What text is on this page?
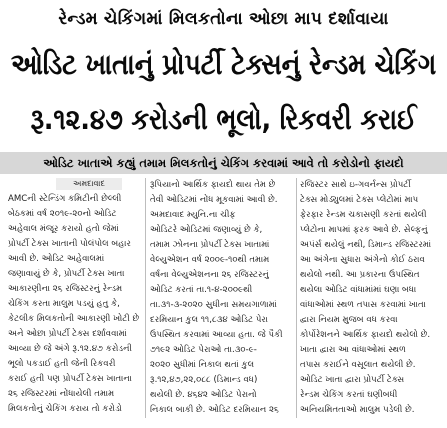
રેન્ડમ ચેકિંગમાં મિલકતોના ઓછા માપ દર્શાવાયા
ઓડિટ ખાતાનું પ્રોપર્ટી ટેક્સનું રેન્ડમ ચેકિંગ
રૂ.૧૨.૪૭ કરોડની ભૂલો, રિકવરી કરાઈ
ઓડિટ ખાતાએ કહ્યું તમામ મિલકતોનું ચેકિંગ કરવામાં આવે તો કરોડોનો ફાયદો
અમદાવાદ
AMCની સ્ટેન્ડિંગ કમિટીની છેલ્લી
બેઠકમાં વર્ષ ૨૦૧૯-૨૦નો ઓડિટ
અહેવાલ મંજૂર કરાયો હતો જેમાં
પ્રોપર્ટી ટેક્સ ખાતાની પોલંપોલ બહાર
આવી છે. ઓડિટ અહેવાલમાં
જણાવાયું છે કે, પ્રોપર્ટી ટેક્સ ખાતા
આકારણીના ૨૬ રજિસ્ટરનું રેન્ડમ
ચેકિંગ કરતા માલુમ પડયું હતુ કે,
કેટલીક મિલકતોની આકારણી ખોટી છે
અને ઓછા પ્રોપર્ટી ટેક્સ દર્શાવવામાં
આવ્યા છે જે અંગે રૂ.૧૨.૪૭ કરોડની
ભૂલો પકડાઈ હતી જેની રિકવરી
કરાઈ હતી પણ પ્રોપર્ટી ટેક્સ ખાતાના
૨૬ રજિસ્ટરમાં નોંધાયેલી તમામ
મિલકતોનું ચેકિંગ કરાય તો કરોડો
રૂપિયાનો આર્થિક ફાયદો થાય તેમ છે
તેવી ઓડિટમાં નોંધ મૂકવામાં આવી છે.
અમદાવાદ મ્યુનિ.ના ચીફ
ઓડિટરે ઓડિટમાં જણાવ્યું છે કે,
તમામ ઝોનના પ્રોપર્ટી ટેક્સ ખાતામાં
વેલ્યુએશન વર્ષ ૨૦૦૯-૧૦થી તમામ
વર્ષના વેલ્યુએશનના ૨૬ રજિસ્ટરનું
ઓડિટ કરતાં તા.૧-૪-૨૦૦૯થી
તા.૩૧-૩-૨૦૨૦ સુધીના સમયગાળામાં
દરમિયાન કુલ ૧૧,૮૩૪ ઓડિટ પેરા
ઉપસ્થિત કરવામાં આવ્યા હતા. જે પૈકી
૭૧૯૨ ઓડિટ પેરાઓ તા.૩૦-૯-
૨૦૨૦ સુધીમાં નિકાલ થતાં કુલ
રૂ.૧૨,૪૭,૨૨,૦૮૮ (ડિમાન્ડ વધ)
થયેલી છે. ૪૬૪૨ ઓડિટ પેરાનો
નિકાલ બાકી છે. ઓડિટ દરમિયાન ૨૬
રજિસ્ટર સાથે ઇ-ગવર્નન્સ પ્રોપર્ટી
ટેક્સ મોડ્યુલમાં ટેક્સ પ્લેટોમાં માપ
ફેરફાર રેન્ડમ ચકાસણી કરતાં થયેલી
પ્લેટોના માપમાં ફરક આવે છે. સેલ્ફનું
અપંર્સ થયેલું નથી, ડિમાન્ડ રજિસ્ટરમાં
આ અંગેના સુધારા અંગેનો કોઈ ઠરાવ
થયેલો નથી. આ પ્રકારના ઉપસ્થિત
થયેલા ઓડિટ વાંધામાંમાં ઘણા બધા
વાંધાઓમાં સ્થળ તપાસ કરવામાં ખાતા
દ્વારા નિયમ મુજબ વધ કરવા
કોર્પોરેશનને આર્થિક ફાયદો થયેલો છે.
ખાતા દ્વારા આ વાંધાઓમાં સ્થળ
તપાસ કરાઈને વસૂલાત થયેલી છે.
ઓડિટ ખાતા દ્વારા પ્રોપર્ટી ટેક્સ
રેન્ડમ ચેકિંગ કરતાં ઘણીબધી
અનિયમિતતાઓ માલુમ પડેલી છે.
